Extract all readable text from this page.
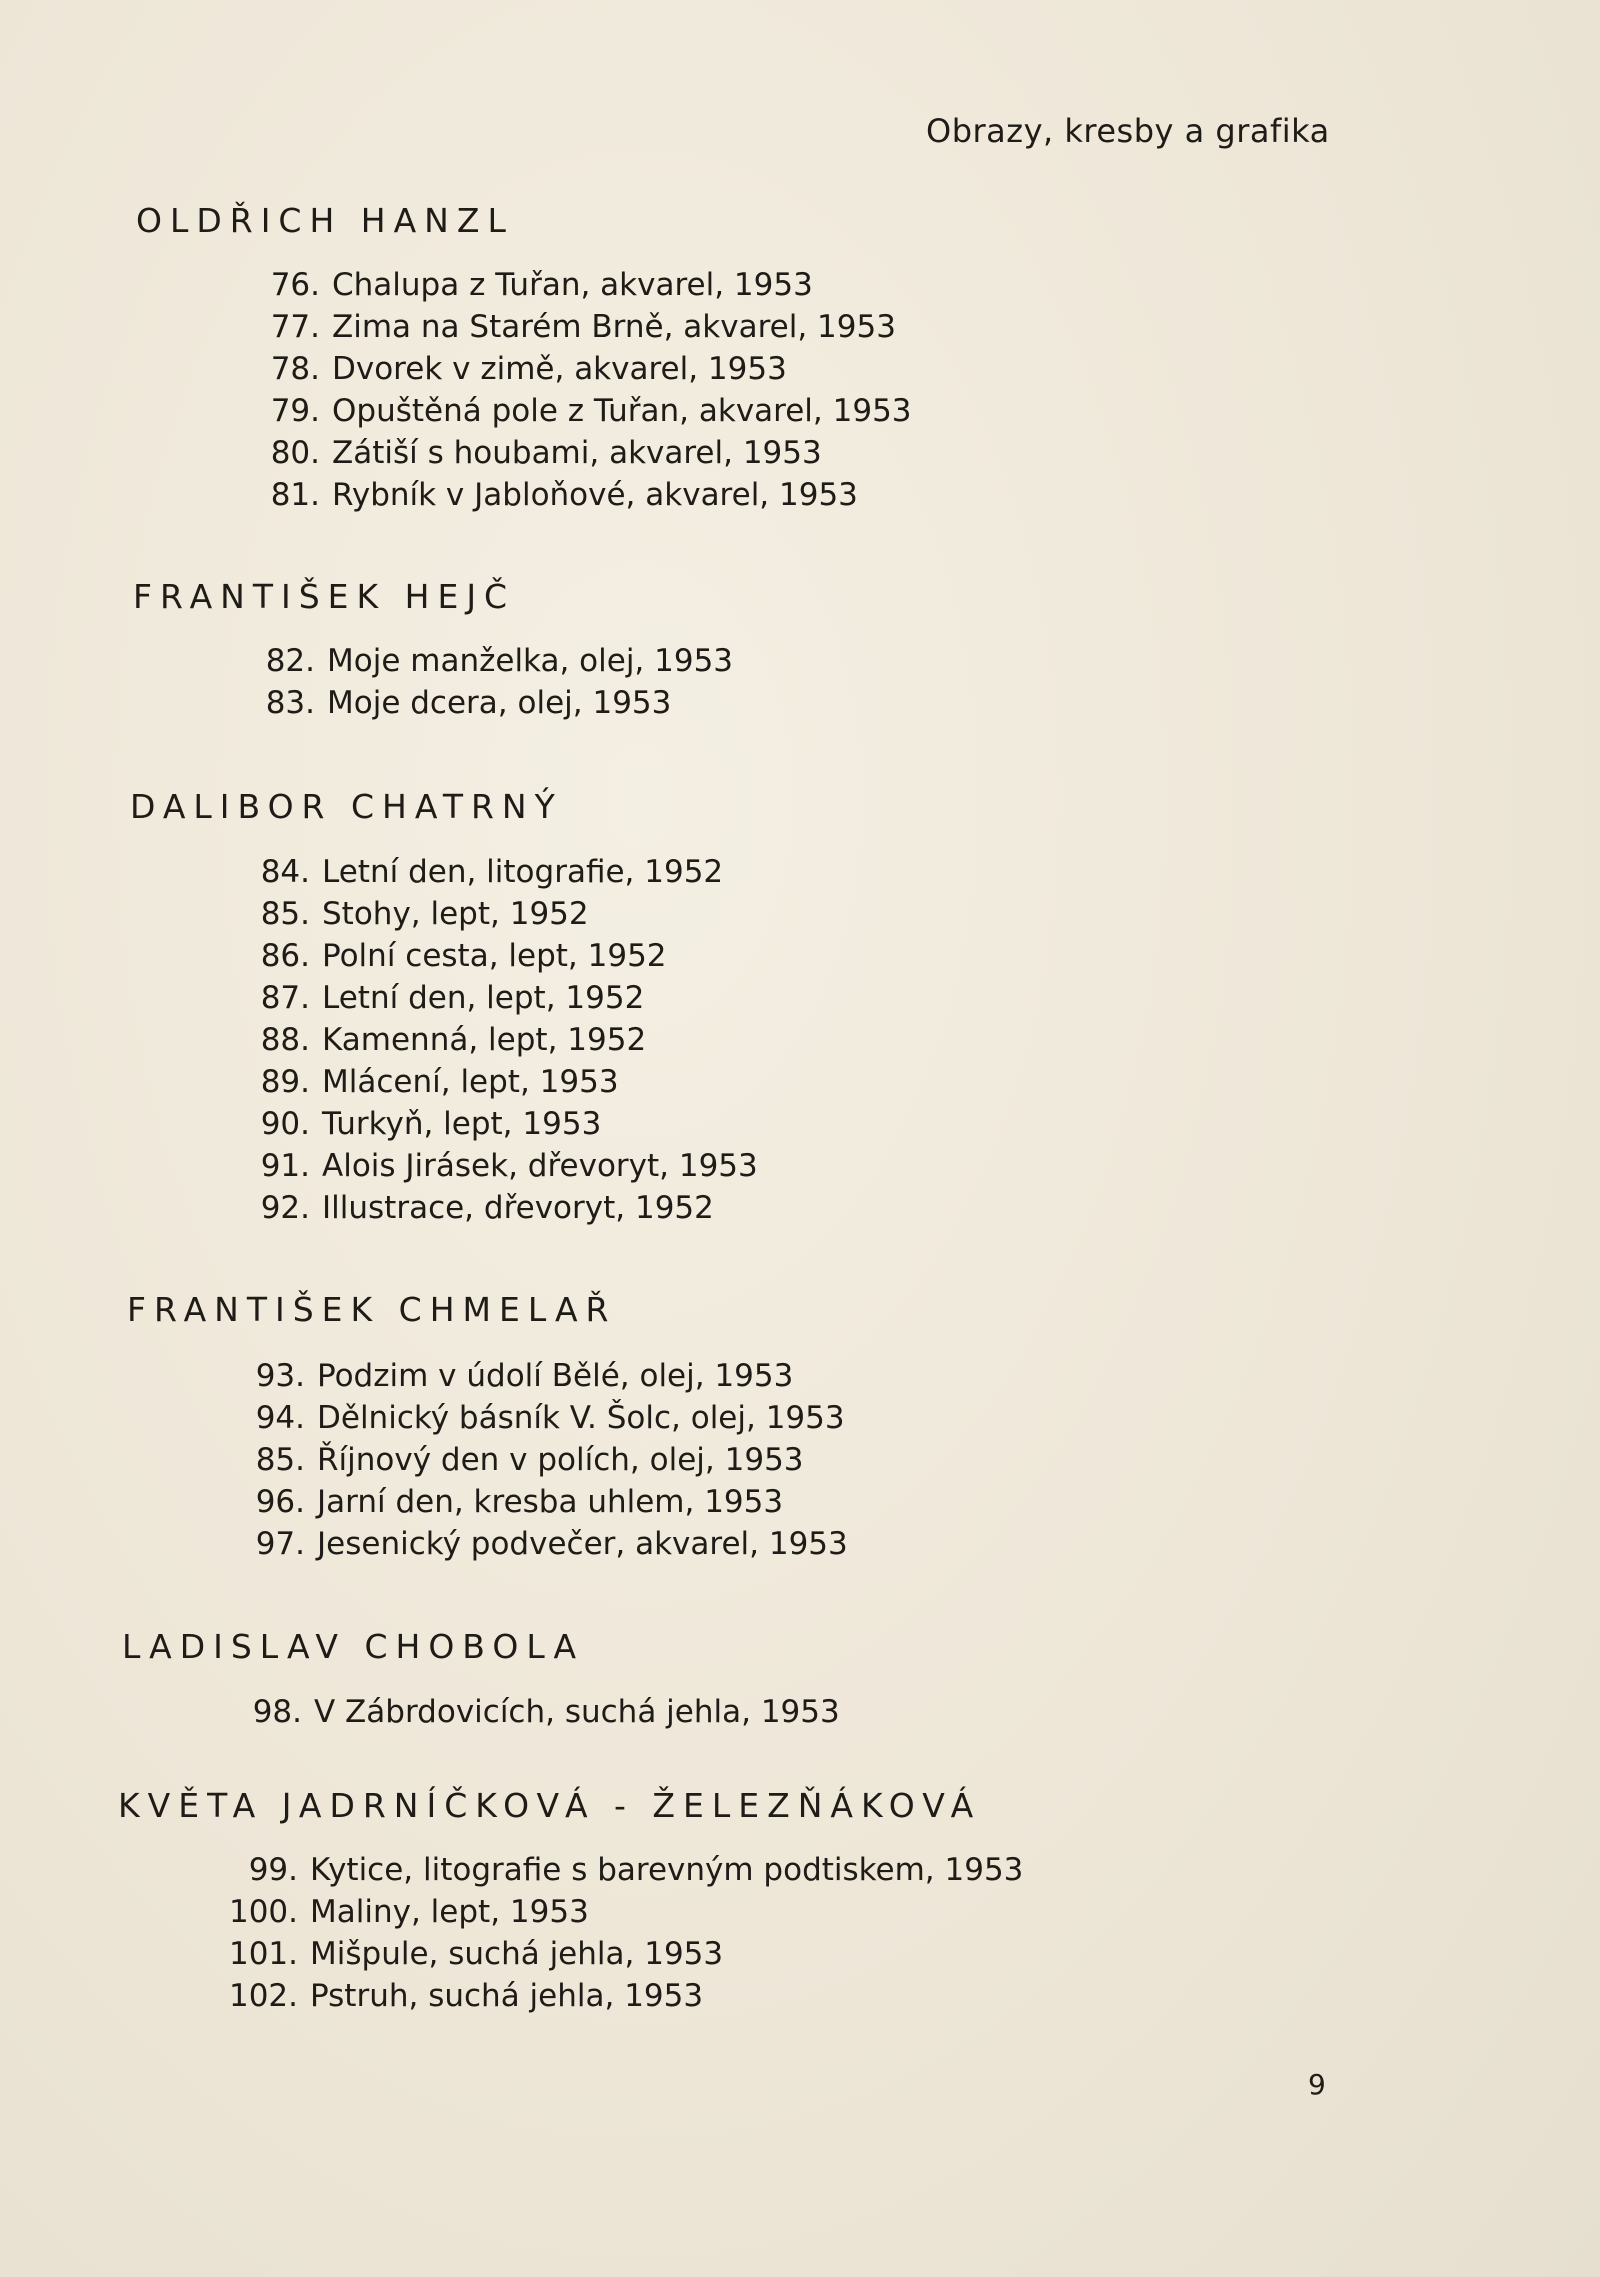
Obrazy, kresby a grafika
OLDŘICH HANZL
76. Chalupa z Tuřan, akvarel, 1953
77. Zima na Starém Brně, akvarel, 1953
78. Dvorek v zimě, akvarel, 1953
79. Opuštěná pole z Tuřan, akvarel, 1953
80. Zátiší s houbami, akvarel, 1953
81. Rybník v Jabloňové, akvarel, 1953
FRANTIŠEK HEJČ
82. Moje manželka, olej, 1953
83. Moje dcera, olej, 1953
DALIBOR CHATRNÝ
84. Letní den, litografie, 1952
85. Stohy, lept, 1952
86. Polní cesta, lept, 1952
87. Letní den, lept, 1952
88. Kamenná, lept, 1952
89. Mlácení, lept, 1953
90. Turkyň, lept, 1953
91. Alois Jirásek, dřevoryt, 1953
92. Illustrace, dřevoryt, 1952
FRANTIŠEK CHMELAŘ
93. Podzim v údolí Bělé, olej, 1953
94. Dělnický básník V. Šolc, olej, 1953
85. Říjnový den v polích, olej, 1953
96. Jarní den, kresba uhlem, 1953
97. Jesenický podvečer, akvarel, 1953
LADISLAV CHOBOLA
98. V Zábrdovicích, suchá jehla, 1953
KVĚTA JADRNÍČKOVÁ - ŽELEZŇÁKOVÁ
99. Kytice, litografie s barevným podtiskem, 1953
100. Maliny, lept, 1953
101. Mišpule, suchá jehla, 1953
102. Pstruh, suchá jehla, 1953
9
